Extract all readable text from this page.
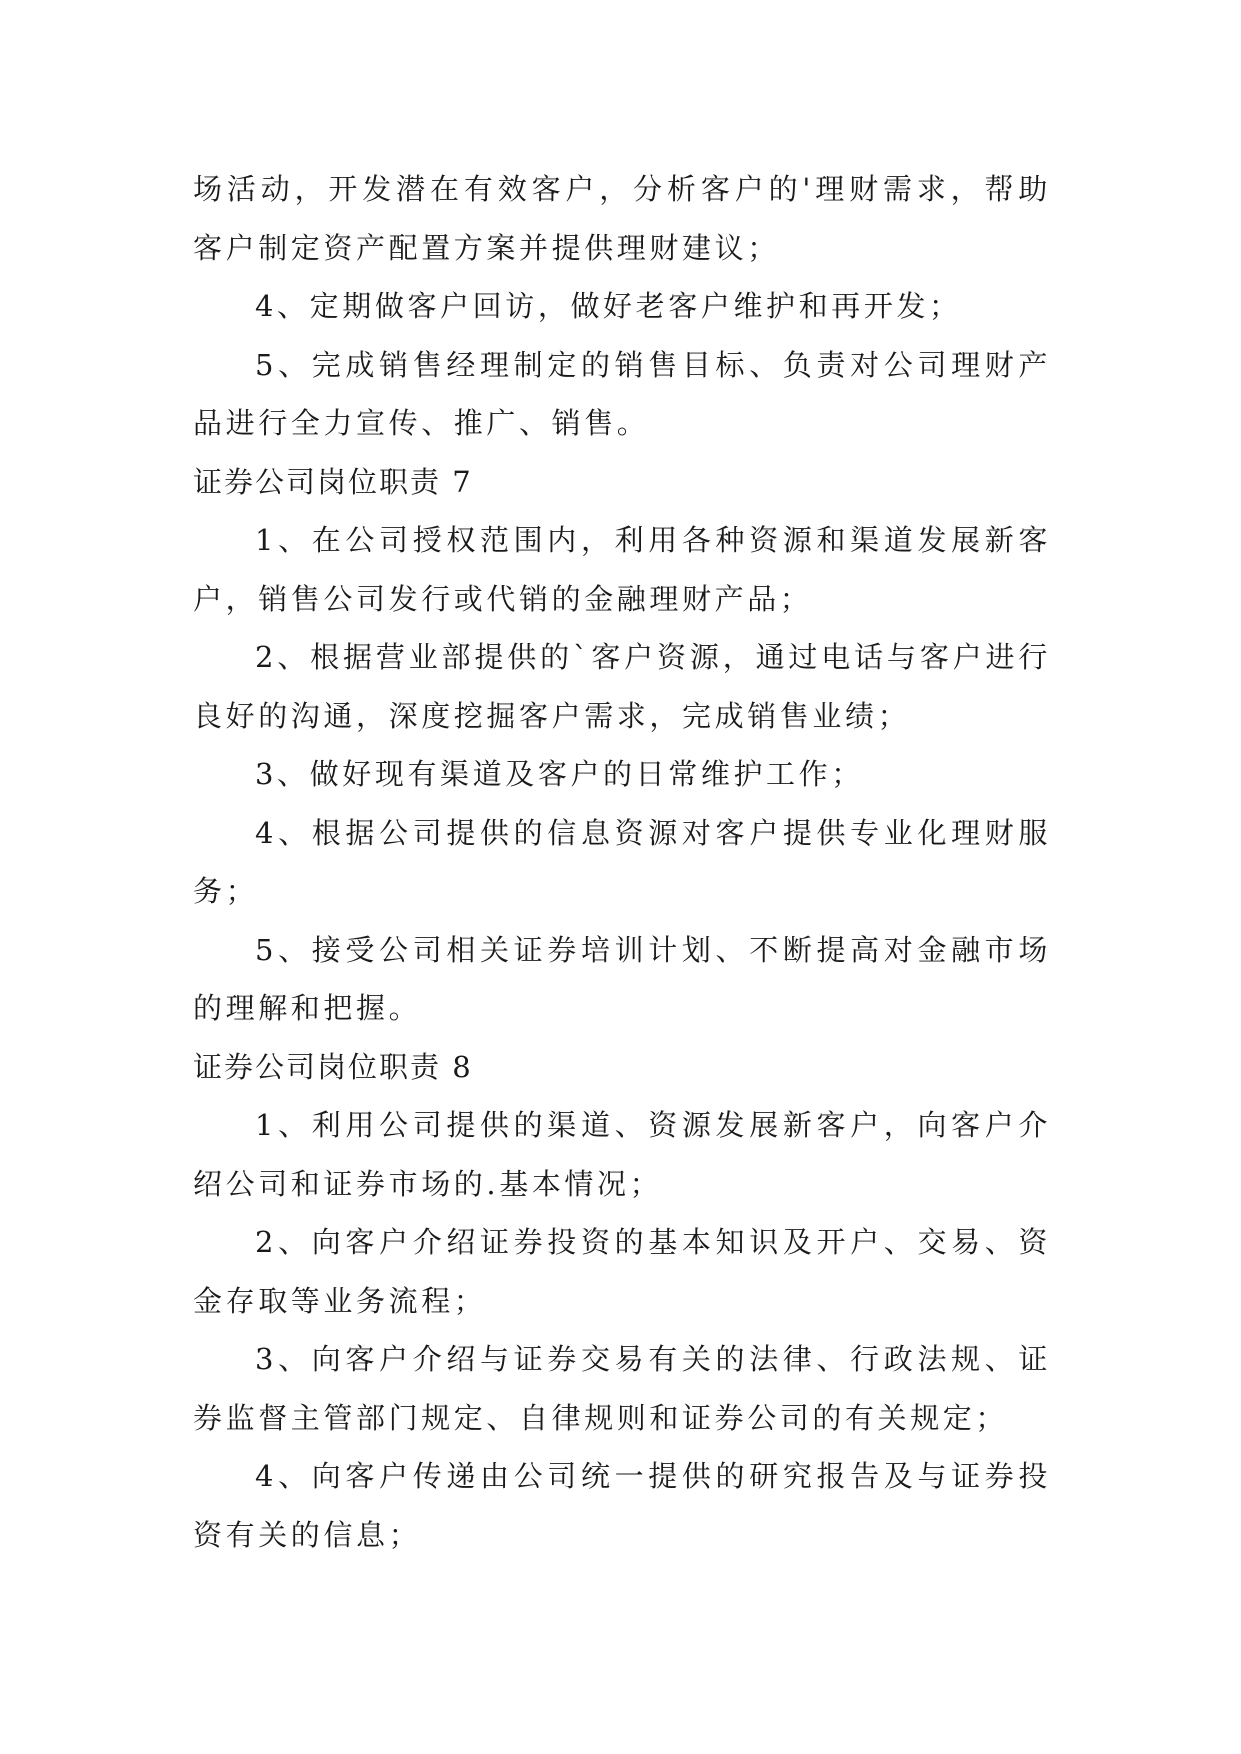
场活动，开发潜在有效客户，分析客户的'理财需求，帮助客户制定资产配置方案并提供理财建议；

4、定期做客户回访，做好老客户维护和再开发；

5、完成销售经理制定的销售目标、负责对公司理财产品进行全力宣传、推广、销售。

证券公司岗位职责 7

1、在公司授权范围内，利用各种资源和渠道发展新客户，销售公司发行或代销的金融理财产品；

2、根据营业部提供的`客户资源，通过电话与客户进行良好的沟通，深度挖掘客户需求，完成销售业绩；

3、做好现有渠道及客户的日常维护工作；

4、根据公司提供的信息资源对客户提供专业化理财服务；

5、接受公司相关证券培训计划、不断提高对金融市场的理解和把握。

证券公司岗位职责 8

1、利用公司提供的渠道、资源发展新客户，向客户介绍公司和证券市场的.基本情况；

2、向客户介绍证券投资的基本知识及开户、交易、资金存取等业务流程；

3、向客户介绍与证券交易有关的法律、行政法规、证券监督主管部门规定、自律规则和证券公司的有关规定；

4、向客户传递由公司统一提供的研究报告及与证券投资有关的信息；
